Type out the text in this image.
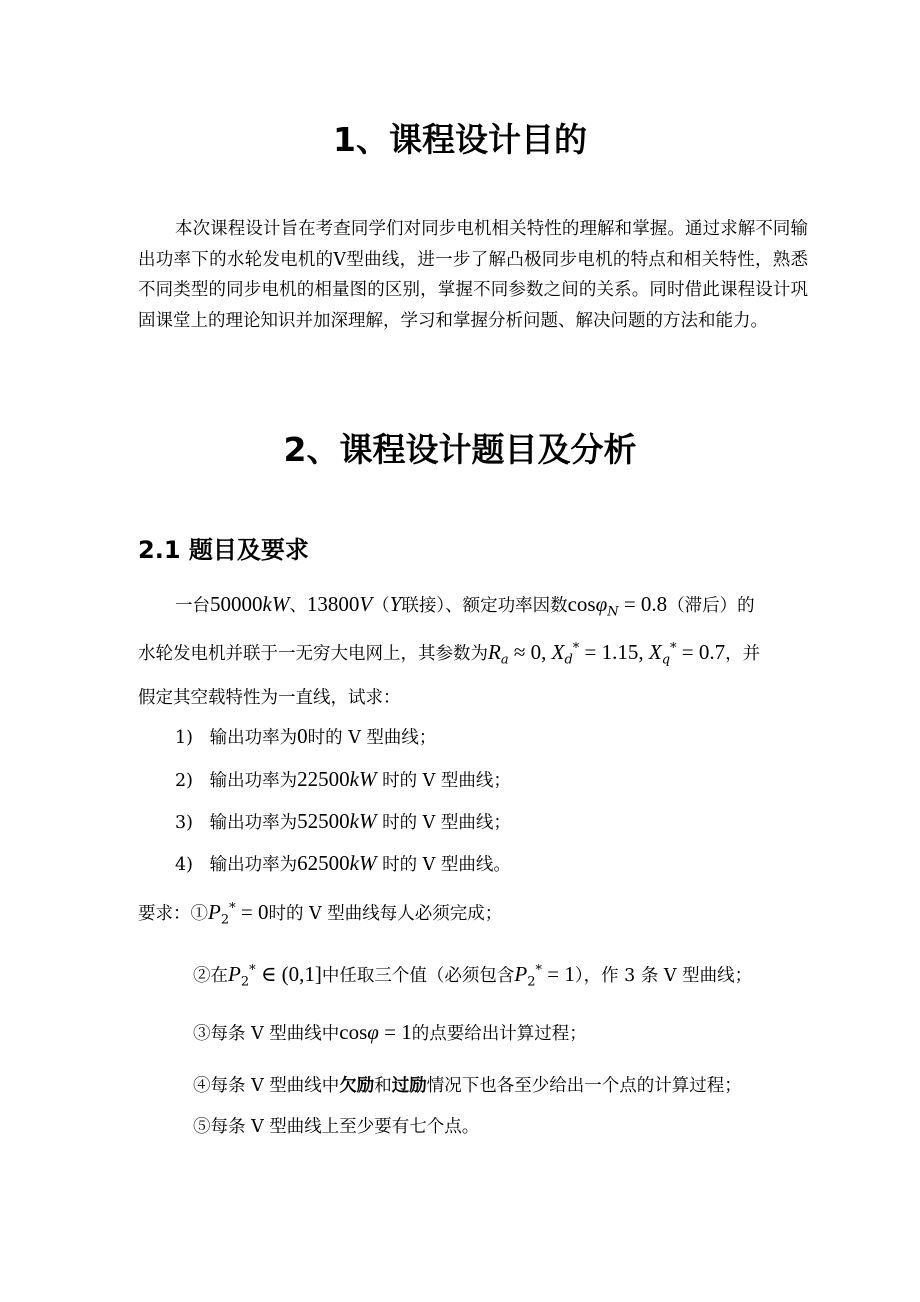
1、课程设计目的
本次课程设计旨在考查同学们对同步电机相关特性的理解和掌握。通过求解不同输出功率下的水轮发电机的V型曲线，进一步了解凸极同步电机的特点和相关特性，熟悉不同类型的同步电机的相量图的区别，掌握不同参数之间的关系。同时借此课程设计巩固课堂上的理论知识并加深理解，学习和掌握分析问题、解决问题的方法和能力。
2、课程设计题目及分析
2.1 题目及要求
一台50000kW、13800V（Y联接）、额定功率因数cosφ$_N$ = 0.8（滞后）的
水轮发电机并联于一无穷大电网上，其参数为$R_a \approx 0$, $X_d^* = 1.15$, $X_q^* = 0.7$，并
假定其空载特性为一直线，试求：
1) 输出功率为0时的 V 型曲线；
2) 输出功率为22500kW 时的 V 型曲线；
3) 输出功率为52500kW 时的 V 型曲线；
4) 输出功率为62500kW 时的 V 型曲线。
要求：$①P_2^* = 0$时的 V 型曲线每人必须完成；
②在$P_2^*$ ∈ (0,1]中任取三个值（必须包含$P_2^* = 1$），作 3 条 V 型曲线；
③每条 V 型曲线中cosφ = 1的点要给出计算过程；
④每条 V 型曲线中欠励和过励情况下也各至少给出一个点的计算过程；
⑤每条 V 型曲线上至少要有七个点。
